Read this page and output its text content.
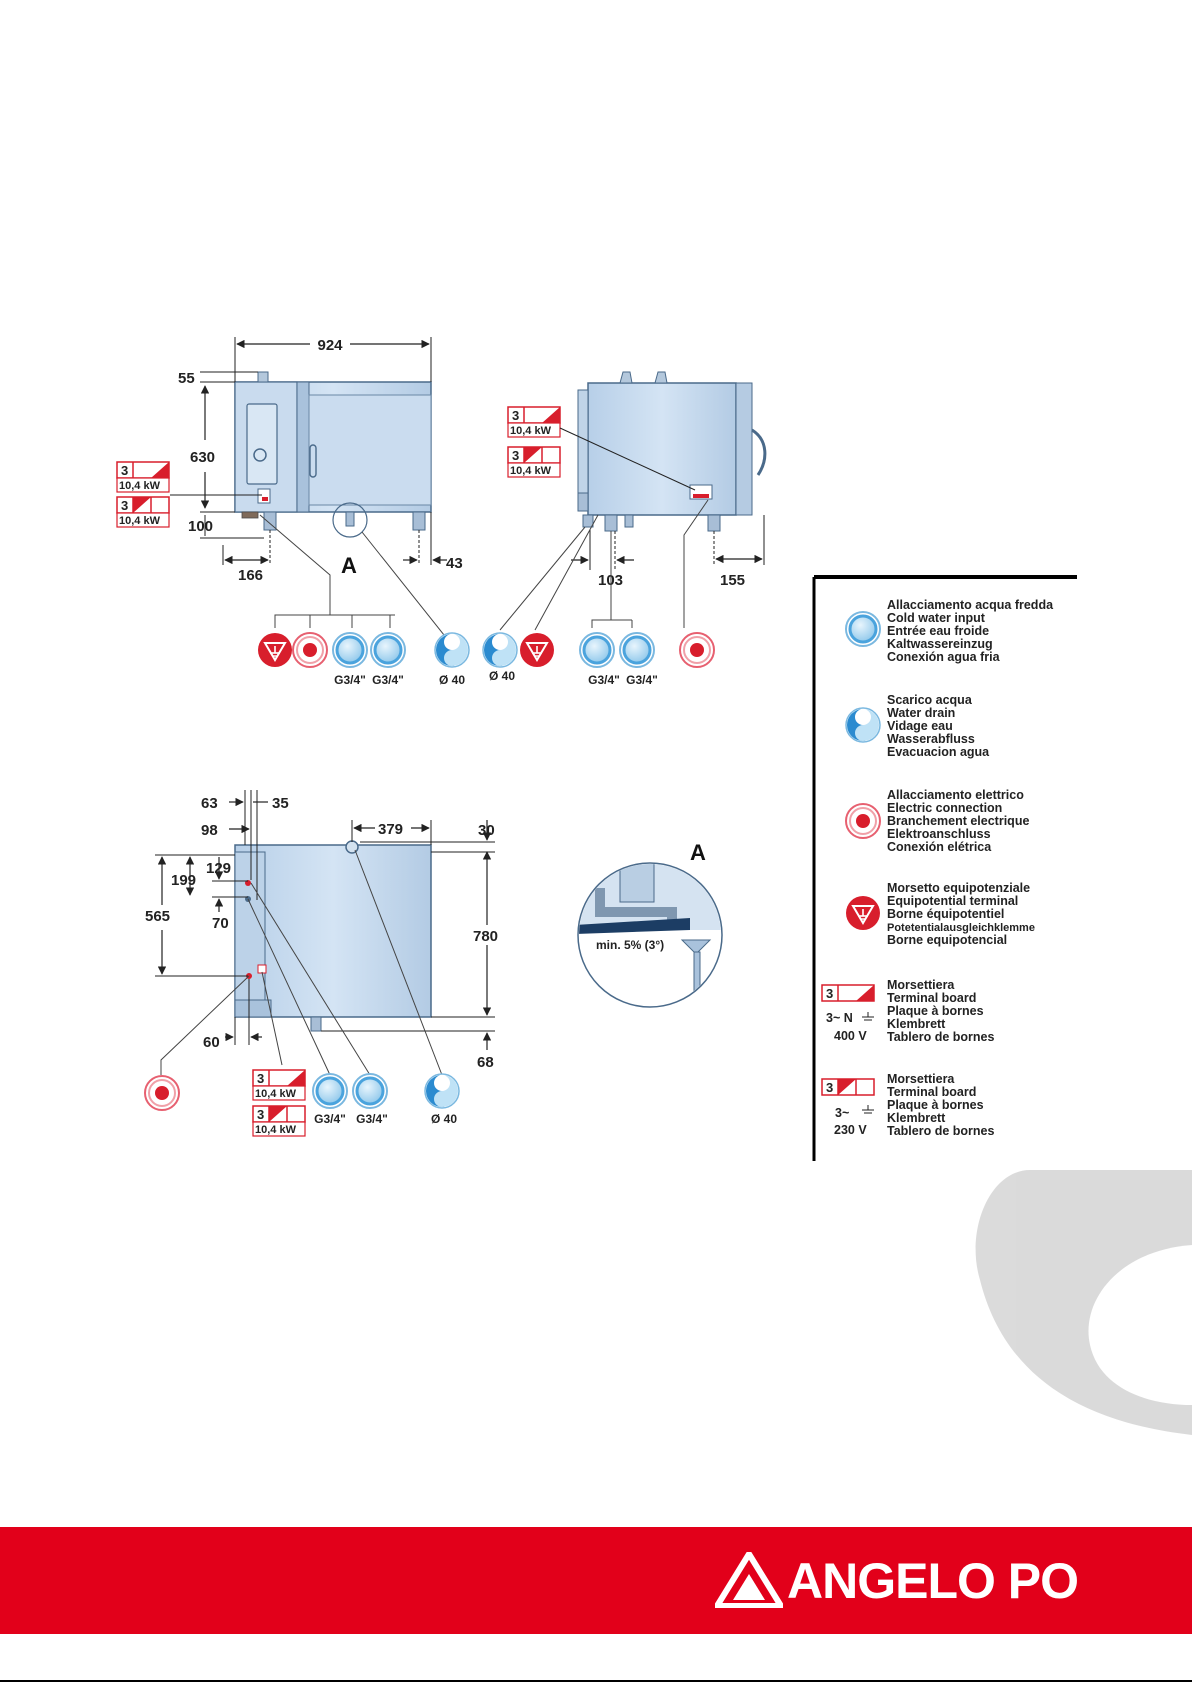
924
55
630
100
166
43
A
3
10,4 kW
3
10,4 kW
G3/4" G3/4"	Ø 40
3
10,4 kW
3
10,4 kW
103	155
Ø 40	G3/4" G3/4"
63	35
98	379	30
780
68
565
199
129
70
60
3
10,4 kW
3
10,4 kW
G3/4" G3/4"	Ø 40
A
min. 5% (3°)
Allacciamento acqua fredda
Cold water input
Entrée eau froide
Kaltwassereinzug
Conexión agua fria
Scarico acqua
Water drain
Vidage eau
Wasserabfluss
Evacuacion agua
Allacciamento elettrico
Electric connection
Branchement electrique
Elektroanschluss
Conexión elétrica
Morsetto equipotenziale
Equipotential terminal
Borne équipotentiel
Potetentialausgleichklemme
Borne equipotencial
3
3~ N
400 V
Morsettiera
Terminal board
Plaque à bornes
Klembrett
Tablero de bornes
3
3~
230 V
Morsettiera
Terminal board
Plaque à bornes
Klembrett
Tablero de bornes
ANGELO PO
